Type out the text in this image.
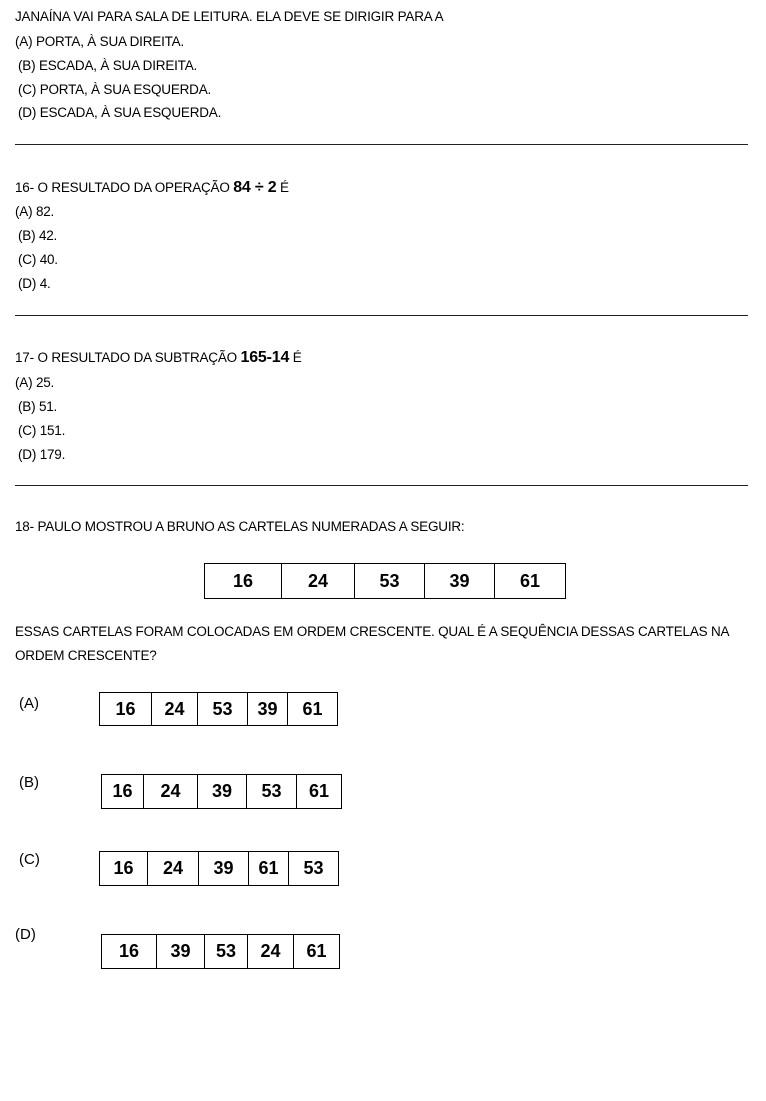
JANAÍNA VAI PARA SALA DE LEITURA. ELA DEVE SE DIRIGIR PARA A
(A) PORTA, À SUA DIREITA.
(B) ESCADA, À SUA DIREITA.
(C) PORTA, À SUA ESQUERDA.
(D) ESCADA, À SUA ESQUERDA.
16- O RESULTADO DA OPERAÇÃO 84 ÷ 2 É
(A) 82.
(B) 42.
(C) 40.
(D) 4.
17- O RESULTADO DA SUBTRAÇÃO 165-14 É
(A) 25.
(B) 51.
(C) 151.
(D) 179.
18- PAULO MOSTROU A BRUNO AS CARTELAS NUMERADAS A SEGUIR:
16	24	53	39	61
ESSAS CARTELAS FORAM COLOCADAS EM ORDEM CRESCENTE. QUAL É A SEQUÊNCIA DESSAS CARTELAS NA
ORDEM CRESCENTE?
(A)	16	24	53	39	61
(B)	16	24	39	53	61
(C)	16	24	39	61	53
(D)
16	39	53	24	61
